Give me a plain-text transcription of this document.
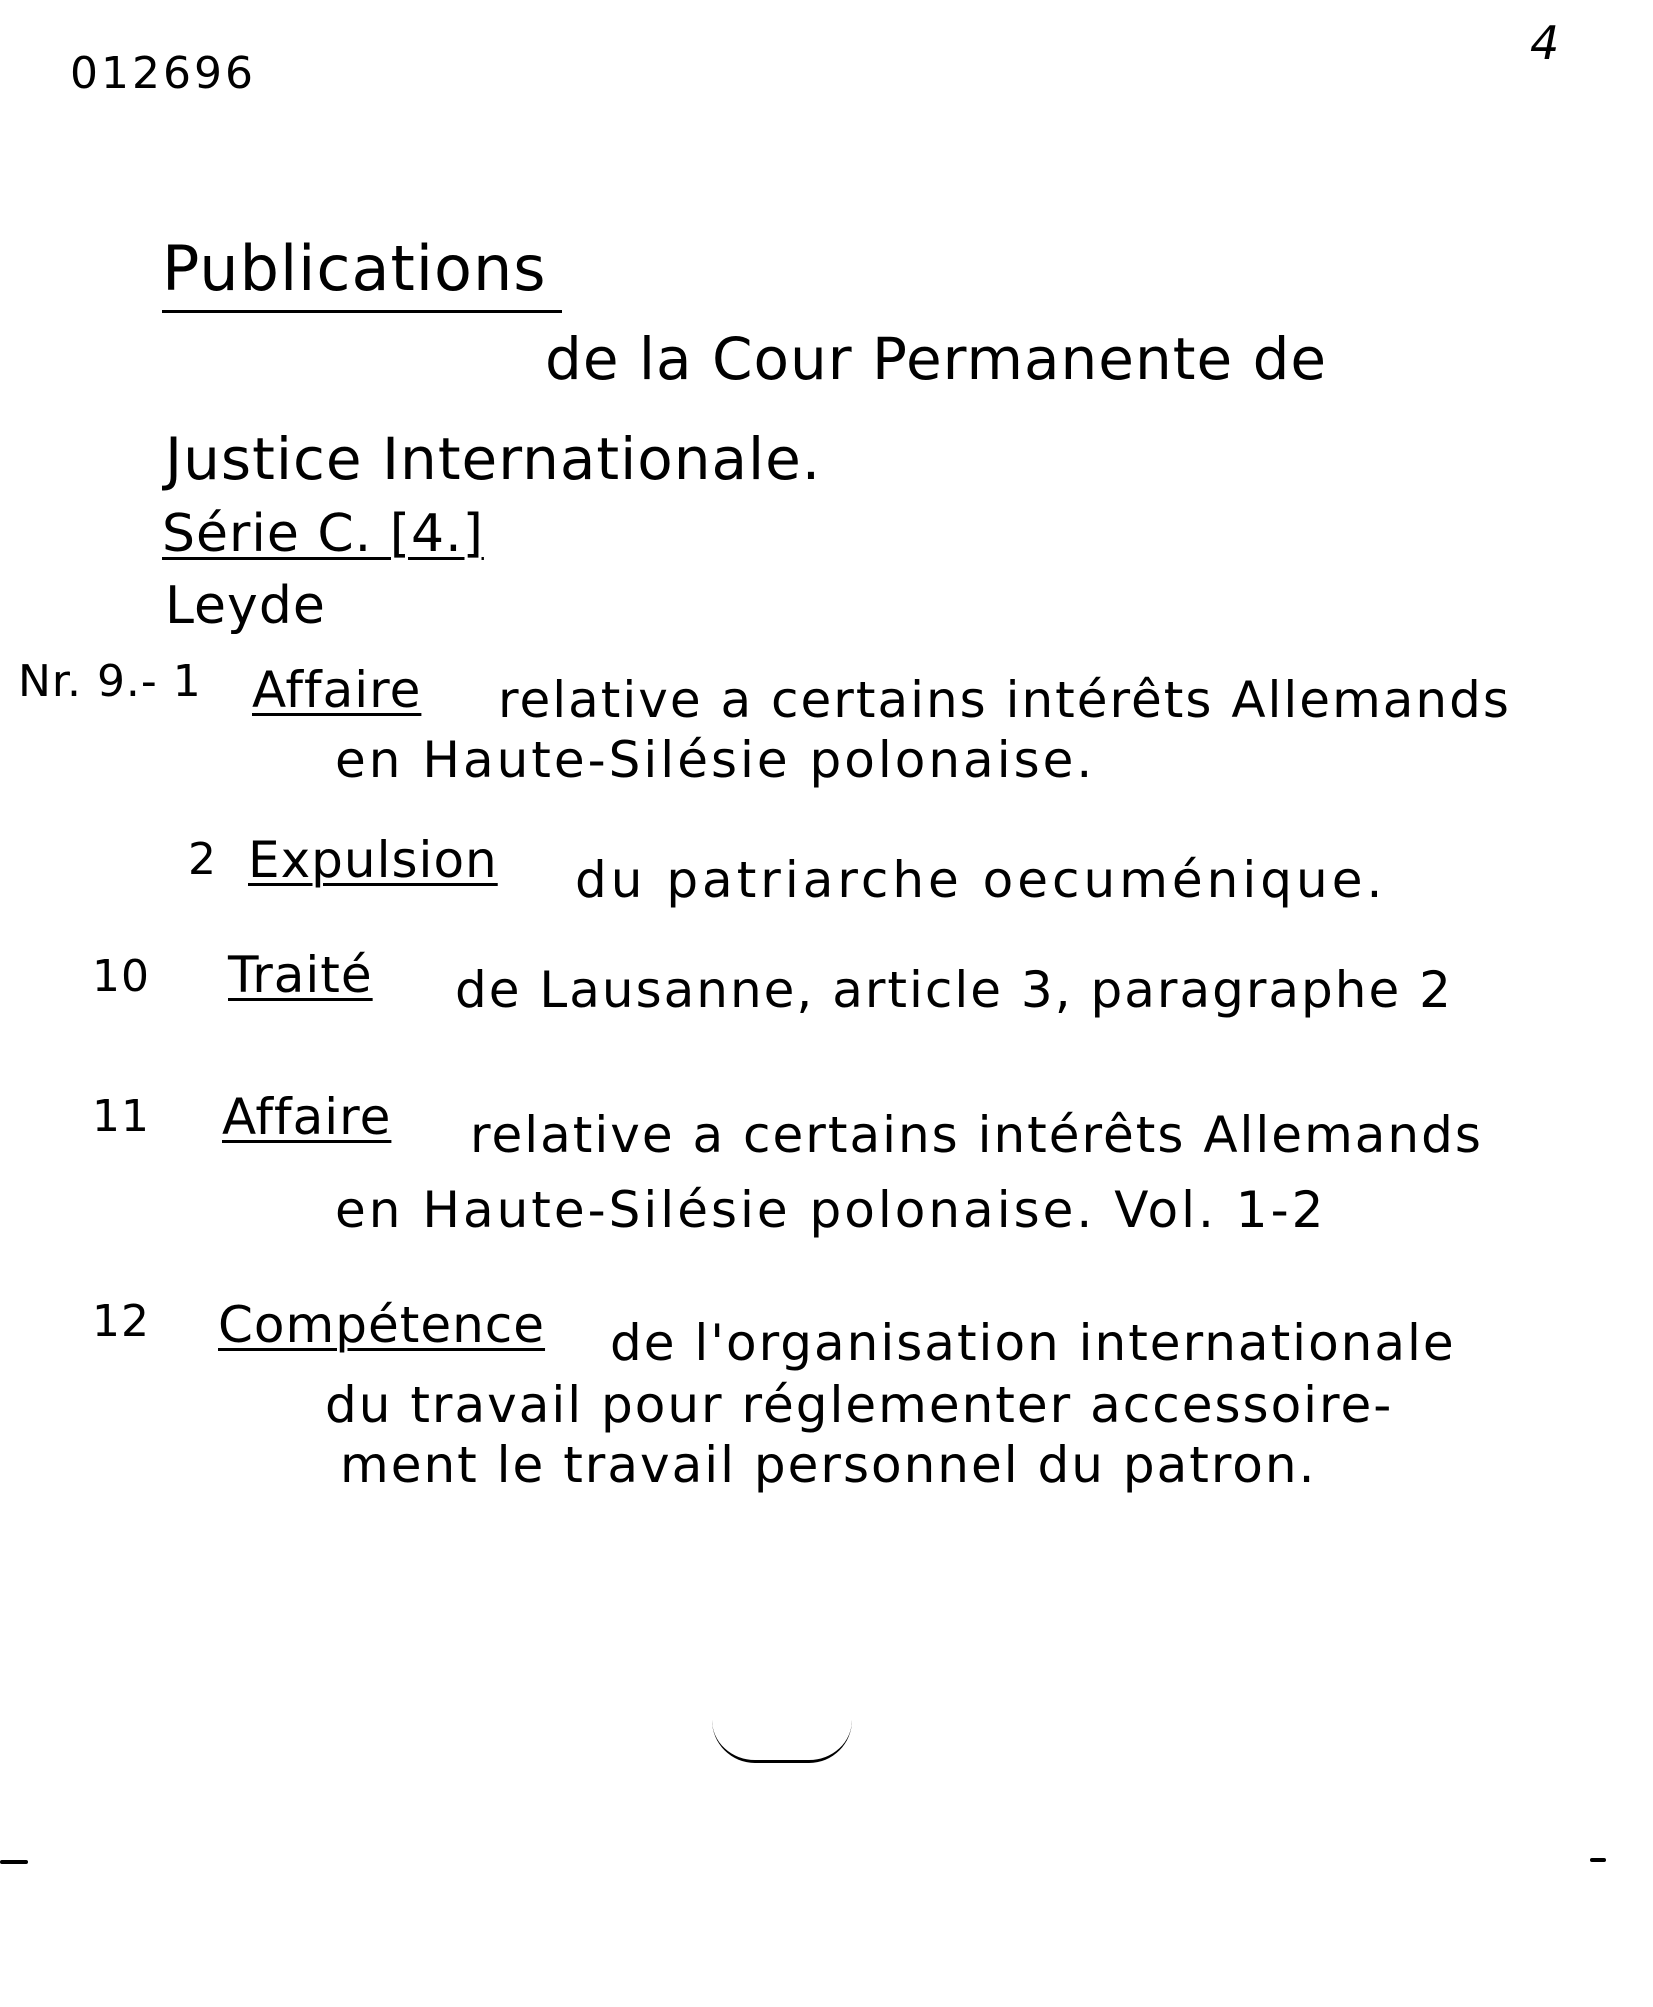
012696
4
Publications
de la Cour Permanente de
Justice Internationale.
Série C. [4.]
Leyde
Nr. 9.- 1 Affaire relative a certains intérêts Allemands
en Haute-Silésie polonaise.
2 Expulsion du patriarche oecuménique.
10 Traité de Lausanne, article 3, paragraphe 2
11 Affaire relative a certains intérêts Allemands
en Haute-Silésie polonaise. Vol. 1-2
12 Compétence de l'organisation internationale
du travail pour réglementer accessoire-
ment le travail personnel du patron.
